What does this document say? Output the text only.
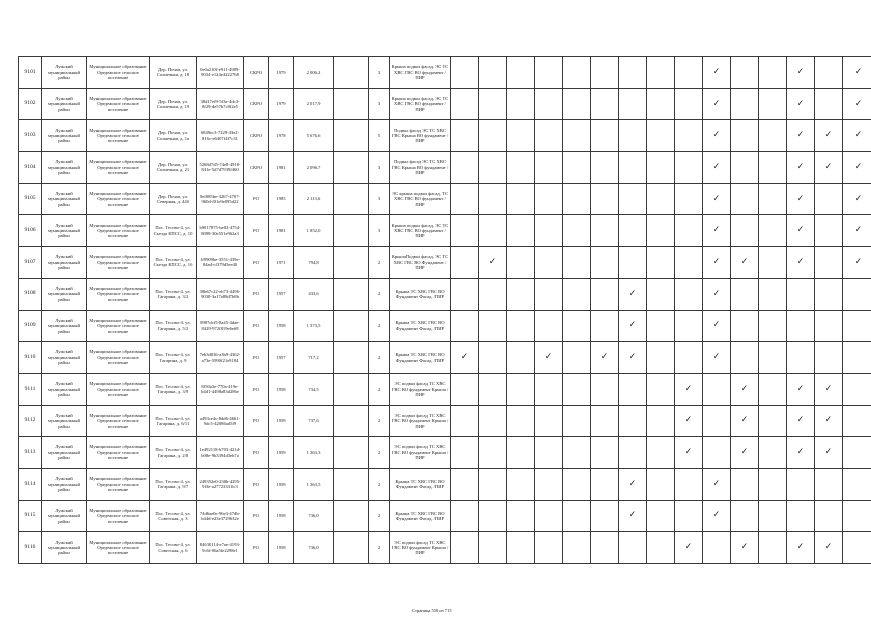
9101	Лужский муниципальный район	Муниципальное образование Оредежское сельское поселение	Дер. Почап, ул. Солнечная, д. 18	0e0a210f-e911-4989-9034-e124e4222768	СКРО	1979	2 006,2		3	Крыша подвал фасад, ЭС ТС ХВС ГВС ВО фундамент /ПИР										✓			✓		✓
9102	Лужский муниципальный район	Муниципальное образование Оредежское сельское поселение	Дер. Почап, ул. Солнечная, д. 19	38d17ef9-5f3e-4dc3-8f29-de57b7c8f2e5	СКРО	1979	2 017,9		3	Крыша подвал фасад, ЭС ТС ХВС ГВС ВО фундамент /ПИР										✓			✓		✓
9103	Лужский муниципальный район	Муниципальное образование Оредежское сельское поселение	Дер. Почап, ул. Солнечная, д. 1а	6849ec3-7229-43e2-816c-e6407f4f7c31	СКРО	1978	5 676,6		5	Подвал фасад ЭС ТС ХВС ГВС Крыша ВО фундамент /ПИР										✓			✓	✓	✓
9104	Лужский муниципальный район	Муниципальное образование Оредежское сельское поселение	Дер. Почап, ул. Солнечная, д. 21	5268d7d5-74e8-4918-841e-5d7d7939f460	СКРО	1981	2 096,7		3	Подвал фасад ЭС ТС ХВС ГВС Крыша ВО фундамент /ПИР										✓			✓	✓	✓
9105	Лужский муниципальный район	Муниципальное образование Оредежское сельское поселение	Дер. Почап, ул. Северная, д. 44б	9ef085be-3267-4707-960d-f01e9e095d22	РО	1985	2 113,6		3	ЭС крыша подвал фасад, ТС ХВС ГВС ВО фундамент /ПИР										✓			✓		✓
9106	Лужский муниципальный район	Муниципальное образование Оредежское сельское поселение	Пос. Тесово-4, ул. Съезда КПСС, д. 10	b9017875-be02-4754-8098-30e551e962a3	РО	1981	1 852,0		3	Крыша подвал фасад, ЭС ТС ХВС ГВС ВО фундамент /ПИР										✓			✓		✓
9107	Лужский муниципальный район	Муниципальное образование Оредежское сельское поселение	Пос. Тесово-4, ул. Съезда КПСС, д. 1б	1f9909be-3551-439e-84ad-cf379d5ee40	РО	1971	794,8		2	КрышаПодвал фасад, ЭС ТС ХВС ГВС ВО Фундамент /ПИР		✓								✓	✓		✓		✓
9108	Лужский муниципальный район	Муниципальное образование Оредежское сельское поселение	Пос. Тесово-4, ул. Гагарина, д. 3/2	30b67c22-eb73-4496-9030-3a17a88d7b8b	РО	1957	433,6		2	Крыша ТС ХВС ГВС ВО Фундамент Фасад, /ПИР							✓			✓					
9109	Лужский муниципальный район	Муниципальное образование Оредежское сельское поселение	Пос. Тесово-4, ул. Гагарина, д. 5/2	8987dcf5-8a45-4dae-8429-972f819e6e68	РО	1958	1 373,5		2	Крыша ТС ХВС ГВС ВО Фундамент Фасад, /ПИР							✓			✓					
9110	Лужский муниципальный район	Муниципальное образование Оредежское сельское поселение	Пос. Тесово-4, ул. Гагарина, д. 9	7eb3d036-a3b9-4362-a73e-5990f21e9184	РО	1957	717,2		2	Крыша ТС ХВС ГВС ВО Фундамент Фасад, /ПИР	✓			✓		✓	✓			✓					
9111	Лужский муниципальный район	Муниципальное образование Оредежское сельское поселение	Пос. Тесово-4, ул. Гагарина, д. 3/9	8f50a3e-770a-419e-b4d1-4498a83d286e	РО	1958	734,5		2	ЭС подвал фасад ТС ХВС ГВС ВО фундамент Крыша /ПИР									✓		✓		✓	✓	
9112	Лужский муниципальный район	Муниципальное образование Оредежское сельское поселение	Пос. Тесово-4, ул. Гагарина, д. 6/11	a493ce4c-8dd6-4661-9dc5-42086ad5f9	РО	1958	737,6		2	ЭС подвал фасад ТС ХВС ГВС ВО фундамент Крыша /ПИР									✓		✓		✓	✓	
9113	Лужский муниципальный район	Муниципальное образование Оредежское сельское поселение	Пос. Тесово-4, ул. Гагарина, д. 2/8	1e492118-b703-421d-b08e-9b3394d3eb7a	РО	1959	1 363,3		2	ЭС подвал фасад ТС ХВС ГВС ВО фундамент Крыша /ПИР									✓		✓		✓	✓	
9114	Лужский муниципальный район	Муниципальное образование Оредежское сельское поселение	Пос. Тесово-4, ул. Гагарина, д. 9/7	249352e0-230b-4295-9f3e-a27723331lc3	РО	1958	1 363,5		2	Крыша ТС ХВС ГВС ВО Фундамент Фасад, /ПИР							✓			✓					
9115	Лужский муниципальный район	Муниципальное образование Оредежское сельское поселение	Пос. Тесово-4, ул. Советская, д. 3	74d6ae0e-96e3-47db-b44d-e23e3729632e	РО	1958	736,0		2	Крыша ТС ХВС ГВС ВО Фундамент Фасад, /ПИР							✓			✓					
9116	Лужский муниципальный район	Муниципальное образование Оредежское сельское поселение	Пос. Тесово-4, ул. Советская, д. 6	84630114-e7ae-4193-9c6f-06a5fe2298e1	РО	1958	736,0		2	ЭС подвал фасад ТС ХВС ГВС ВО фундамент Крыша /ПИР									✓		✓		✓	✓	
Страница 550 из 715
